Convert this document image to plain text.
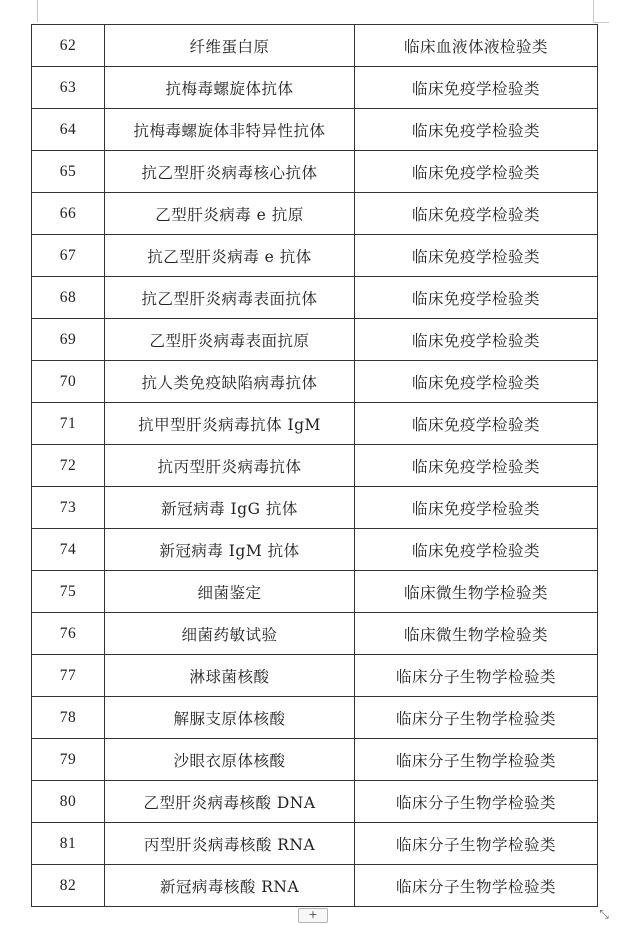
62	纤维蛋白原	临床血液体液检验类
63	抗梅毒螺旋体抗体	临床免疫学检验类
64	抗梅毒螺旋体非特异性抗体	临床免疫学检验类
65	抗乙型肝炎病毒核心抗体	临床免疫学检验类
66	乙型肝炎病毒 e 抗原	临床免疫学检验类
67	抗乙型肝炎病毒 e 抗体	临床免疫学检验类
68	抗乙型肝炎病毒表面抗体	临床免疫学检验类
69	乙型肝炎病毒表面抗原	临床免疫学检验类
70	抗人类免疫缺陷病毒抗体	临床免疫学检验类
71	抗甲型肝炎病毒抗体 IgM	临床免疫学检验类
72	抗丙型肝炎病毒抗体	临床免疫学检验类
73	新冠病毒 IgG 抗体	临床免疫学检验类
74	新冠病毒 IgM 抗体	临床免疫学检验类
75	细菌鉴定	临床微生物学检验类
76	细菌药敏试验	临床微生物学检验类
77	淋球菌核酸	临床分子生物学检验类
78	解脲支原体核酸	临床分子生物学检验类
79	沙眼衣原体核酸	临床分子生物学检验类
80	乙型肝炎病毒核酸 DNA	临床分子生物学检验类
81	丙型肝炎病毒核酸 RNA	临床分子生物学检验类
82	新冠病毒核酸 RNA	临床分子生物学检验类
+	⤡
